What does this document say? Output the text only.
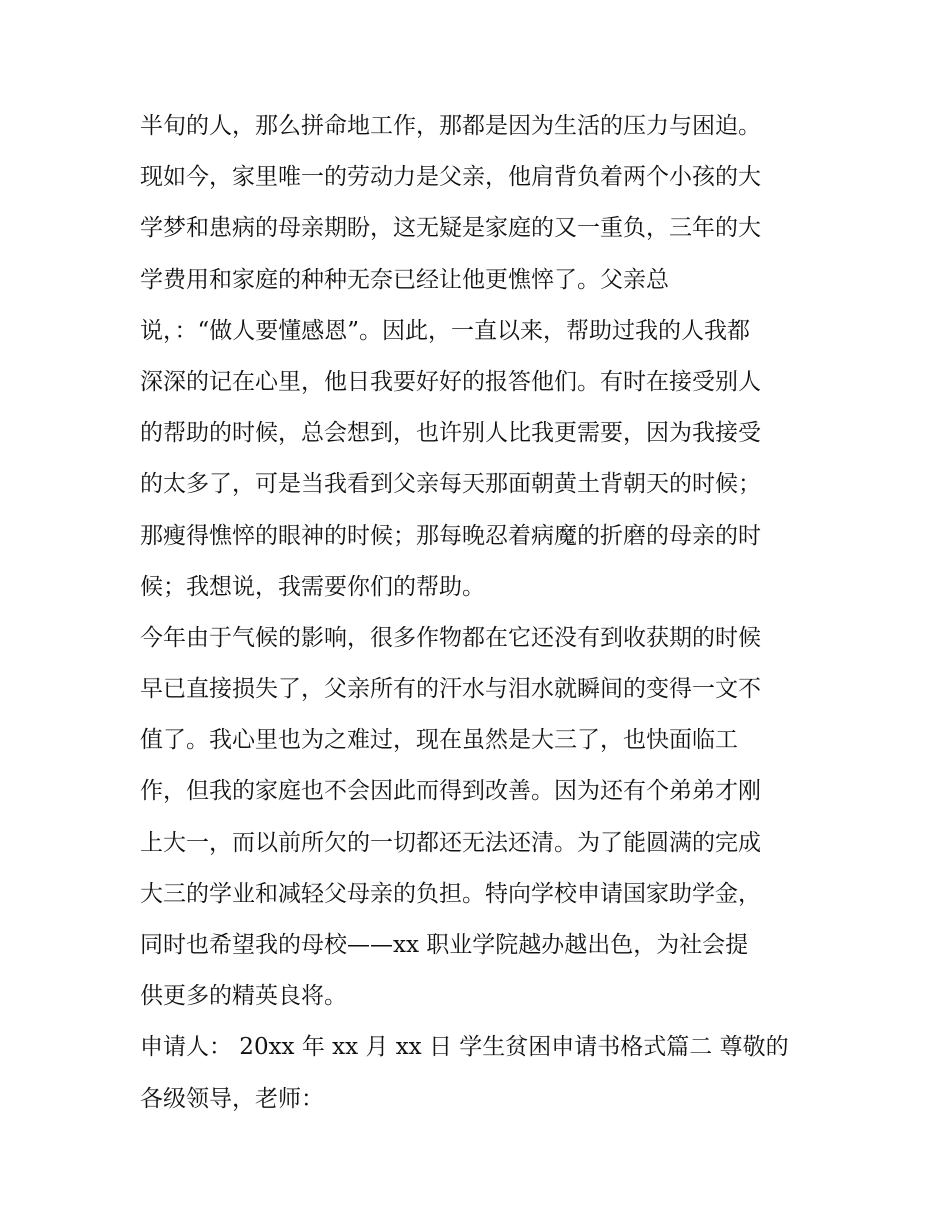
半旬的人，那么拼命地工作，那都是因为生活的压力与困迫。
现如今，家里唯一的劳动力是父亲，他肩背负着两个小孩的大
学梦和患病的母亲期盼，这无疑是家庭的又一重负，三年的大
学费用和家庭的种种无奈已经让他更憔悴了。父亲总
说，：“做人要懂感恩”。因此，一直以来，帮助过我的人我都
深深的记在心里，他日我要好好的报答他们。有时在接受别人
的帮助的时候，总会想到，也许别人比我更需要，因为我接受
的太多了，可是当我看到父亲每天那面朝黄土背朝天的时候；
那瘦得憔悴的眼神的时候；那每晚忍着病魔的折磨的母亲的时
候；我想说，我需要你们的帮助。
今年由于气候的影响，很多作物都在它还没有到收获期的时候
早已直接损失了，父亲所有的汗水与泪水就瞬间的变得一文不
值了。我心里也为之难过，现在虽然是大三了，也快面临工
作，但我的家庭也不会因此而得到改善。因为还有个弟弟才刚
上大一，而以前所欠的一切都还无法还清。为了能圆满的完成
大三的学业和减轻父母亲的负担。特向学校申请国家助学金，
同时也希望我的母校——xx 职业学院越办越出色，为社会提
供更多的精英良将。
申请人： 20xx 年 xx 月 xx 日 学生贫困申请书格式篇二 尊敬的
各级领导，老师：
